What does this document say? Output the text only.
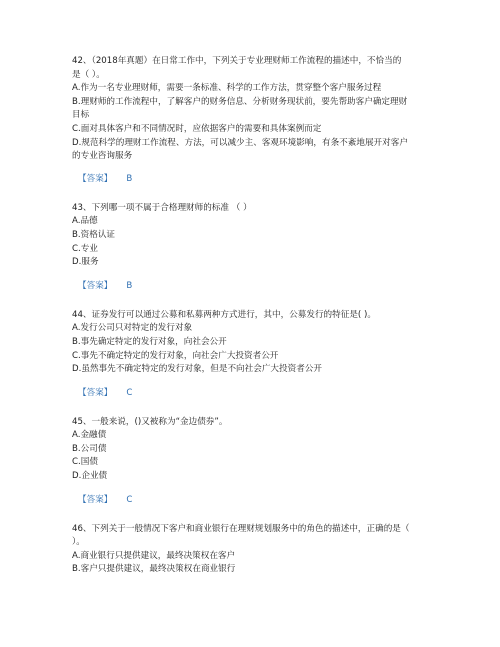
42、（2018年真题）在日常工作中，下列关于专业理财师工作流程的描述中，不恰当的

是（ ）。

A.作为一名专业理财师，需要一条标准、科学的工作方法，贯穿整个客户服务过程

B.理财师的工作流程中，了解客户的财务信息、分析财务现状前，要先帮助客户确定理财

目标

C.面对具体客户和不同情况时，应依据客户的需要和具体案例而定

D.规范科学的理财工作流程、方法，可以减少主、客观环境影响，有条不紊地展开对客户

的专业咨询服务

【答案】 B

43、下列哪一项不属于合格理财师的标准 （ ）

A.品德

B.资格认证

C.专业

D.服务

【答案】 B

44、证券发行可以通过公募和私募两种方式进行，其中，公募发行的特征是( )。

A.发行公司只对特定的发行对象

B.事先确定特定的发行对象，向社会公开

C.事先不确定特定的发行对象，向社会广大投资者公开

D.虽然事先不确定特定的发行对象，但是不向社会广大投资者公开

【答案】 C

45、一般来说，()又被称为“金边债券”。

A.金融债

B.公司债

C.国债

D.企业债

【答案】 C

46、下列关于一般情况下客户和商业银行在理财规划服务中的角色的描述中，正确的是（

）。

A.商业银行只提供建议，最终决策权在客户

B.客户只提供建议，最终决策权在商业银行
